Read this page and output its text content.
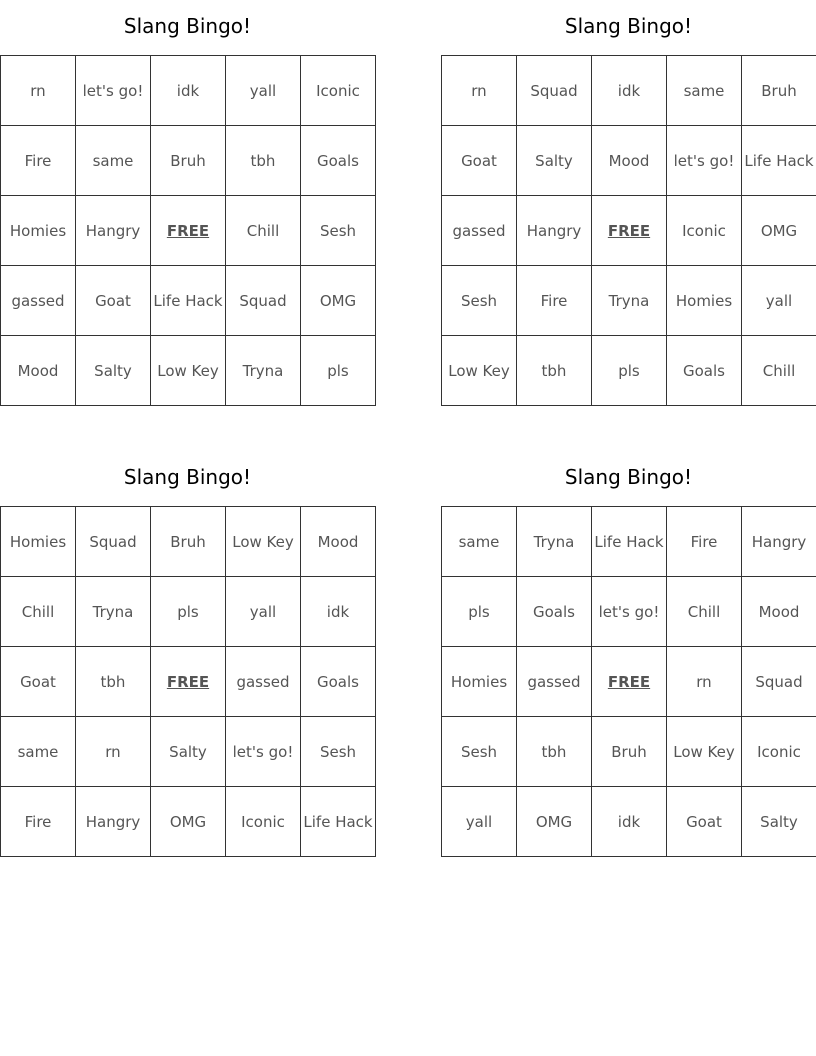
Slang Bingo!
rn	let's go!	idk	yall	Iconic
Fire	same	Bruh	tbh	Goals
Homies	Hangry	FREE	Chill	Sesh
gassed	Goat	Life Hack	Squad	OMG
Mood	Salty	Low Key	Tryna	pls
Slang Bingo!
rn	Squad	idk	same	Bruh
Goat	Salty	Mood	let's go!	Life Hack
gassed	Hangry	FREE	Iconic	OMG
Sesh	Fire	Tryna	Homies	yall
Low Key	tbh	pls	Goals	Chill
Slang Bingo!
Homies	Squad	Bruh	Low Key	Mood
Chill	Tryna	pls	yall	idk
Goat	tbh	FREE	gassed	Goals
same	rn	Salty	let's go!	Sesh
Fire	Hangry	OMG	Iconic	Life Hack
Slang Bingo!
same	Tryna	Life Hack	Fire	Hangry
pls	Goals	let's go!	Chill	Mood
Homies	gassed	FREE	rn	Squad
Sesh	tbh	Bruh	Low Key	Iconic
yall	OMG	idk	Goat	Salty
